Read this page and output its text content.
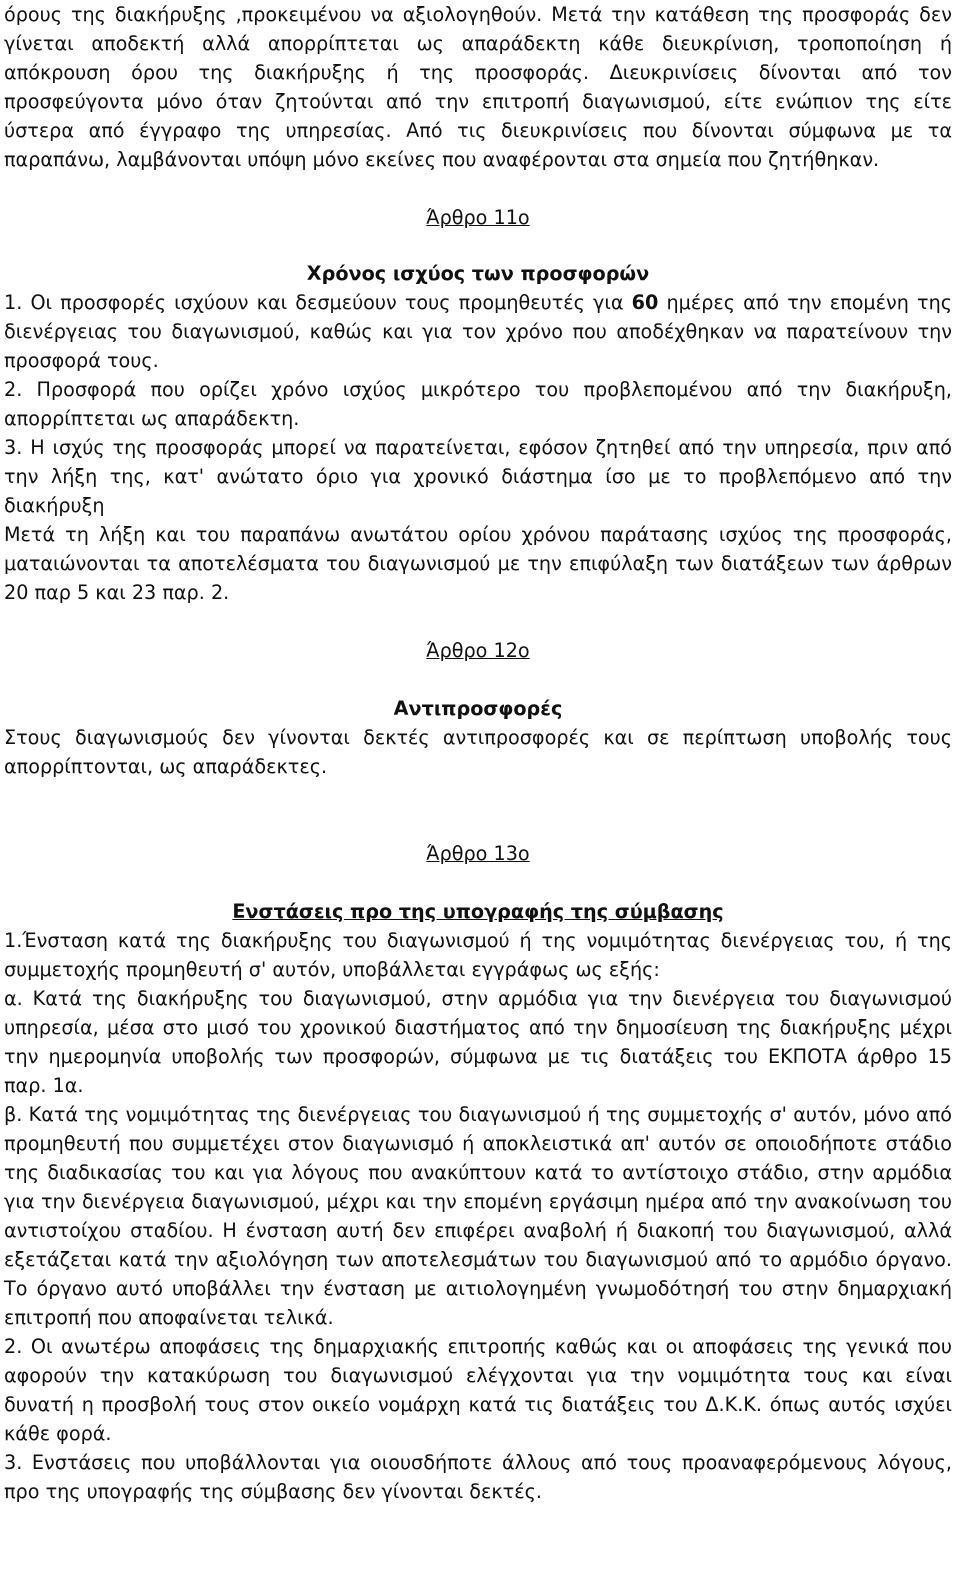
όρους της διακήρυξης ,προκειμένου να αξιολογηθούν. Μετά την κατάθεση της προσφοράς δεν γίνεται αποδεκτή αλλά απορρίπτεται ως απαράδεκτη κάθε διευκρίνιση, τροποποίηση ή απόκρουση όρου της διακήρυξης ή της προσφοράς. Διευκρινίσεις δίνονται από τον προσφεύγοντα μόνο όταν ζητούνται από την επιτροπή διαγωνισμού, είτε ενώπιον της είτε ύστερα από έγγραφο της υπηρεσίας. Από τις διευκρινίσεις που δίνονται σύμφωνα με τα παραπάνω, λαμβάνονται υπόψη μόνο εκείνες που αναφέρονται στα σημεία που ζητήθηκαν.

Άρθρο 11ο

Χρόνος ισχύος των προσφορών

1. Οι προσφορές ισχύουν και δεσμεύουν τους προμηθευτές για 60 ημέρες από την επομένη της διενέργειας του διαγωνισμού, καθώς και για τον χρόνο που αποδέχθηκαν να παρατείνουν την προσφορά τους.

2. Προσφορά που ορίζει χρόνο ισχύος μικρότερο του προβλεπομένου από την διακήρυξη, απορρίπτεται ως απαράδεκτη.

3. Η ισχύς της προσφοράς μπορεί να παρατείνεται, εφόσον ζητηθεί από την υπηρεσία, πριν από την λήξη της, κατ' ανώτατο όριο για χρονικό διάστημα ίσο με το προβλεπόμενο από την διακήρυξη

Μετά τη λήξη και του παραπάνω ανωτάτου ορίου χρόνου παράτασης ισχύος της προσφοράς, ματαιώνονται τα αποτελέσματα του διαγωνισμού με την επιφύλαξη των διατάξεων των άρθρων 20 παρ 5 και 23 παρ. 2.

Άρθρο 12ο

Αντιπροσφορές

Στους διαγωνισμούς δεν γίνονται δεκτές αντιπροσφορές και σε περίπτωση υποβολής τους απορρίπτονται, ως απαράδεκτες.

Άρθρο 13ο

Ενστάσεις προ της υπογραφής της σύμβασης

1.Ένσταση κατά της διακήρυξης του διαγωνισμού ή της νομιμότητας διενέργειας του, ή της συμμετοχής προμηθευτή σ' αυτόν, υποβάλλεται εγγράφως ως εξής:

α. Κατά της διακήρυξης του διαγωνισμού, στην αρμόδια για την διενέργεια του διαγωνισμού υπηρεσία, μέσα στο μισό του χρονικού διαστήματος από την δημοσίευση της διακήρυξης μέχρι την ημερομηνία υποβολής των προσφορών, σύμφωνα με τις διατάξεις του ΕΚΠΟΤΑ άρθρο 15 παρ. 1α.

β. Κατά της νομιμότητας της διενέργειας του διαγωνισμού ή της συμμετοχής σ' αυτόν, μόνο από προμηθευτή που συμμετέχει στον διαγωνισμό ή αποκλειστικά απ' αυτόν σε οποιοδήποτε στάδιο της διαδικασίας του και για λόγους που ανακύπτουν κατά το αντίστοιχο στάδιο, στην αρμόδια για την διενέργεια διαγωνισμού, μέχρι και την επομένη εργάσιμη ημέρα από την ανακοίνωση του αντιστοίχου σταδίου. Η ένσταση αυτή δεν επιφέρει αναβολή ή διακοπή του διαγωνισμού, αλλά εξετάζεται κατά την αξιολόγηση των αποτελεσμάτων του διαγωνισμού από το αρμόδιο όργανο. Το όργανο αυτό υποβάλλει την ένσταση με αιτιολογημένη γνωμοδότησή του στην δημαρχιακή επιτροπή που αποφαίνεται τελικά.

2. Οι ανωτέρω αποφάσεις της δημαρχιακής επιτροπής καθώς και οι αποφάσεις της γενικά που αφορούν την κατακύρωση του διαγωνισμού ελέγχονται για την νομιμότητα τους και είναι δυνατή η προσβολή τους στον οικείο νομάρχη κατά τις διατάξεις του Δ.Κ.Κ. όπως αυτός ισχύει κάθε φορά.

3. Ενστάσεις που υποβάλλονται για οιουσδήποτε άλλους από τους προαναφερόμενους λόγους, προ της υπογραφής της σύμβασης δεν γίνονται δεκτές.
